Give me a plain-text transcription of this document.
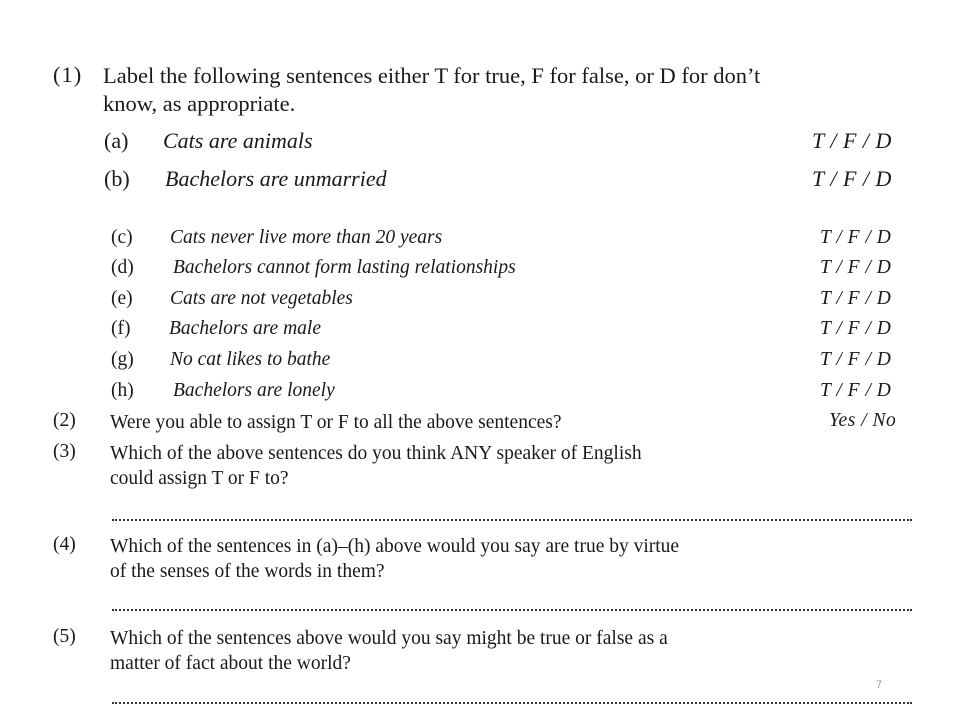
(1) Label the following sentences either T for true, F for false, or D for don’t
know, as appropriate.
(a) Cats are animals	T / F / D
(b) Bachelors are unmarried	T / F / D
(c) Cats never live more than 20 years	T / F / D
(d) Bachelors cannot form lasting relationships	T / F / D
(e) Cats are not vegetables	T / F / D
(f) Bachelors are male	T / F / D
(g) No cat likes to bathe	T / F / D
(h) Bachelors are lonely	T / F / D
(2) Were you able to assign T or F to all the above sentences?	Yes / No
(3) Which of the above sentences do you think ANY speaker of English
could assign T or F to?
(4) Which of the sentences in (a)–(h) above would you say are true by virtue
of the senses of the words in them?
(5) Which of the sentences above would you say might be true or false as a
matter of fact about the world?
7
